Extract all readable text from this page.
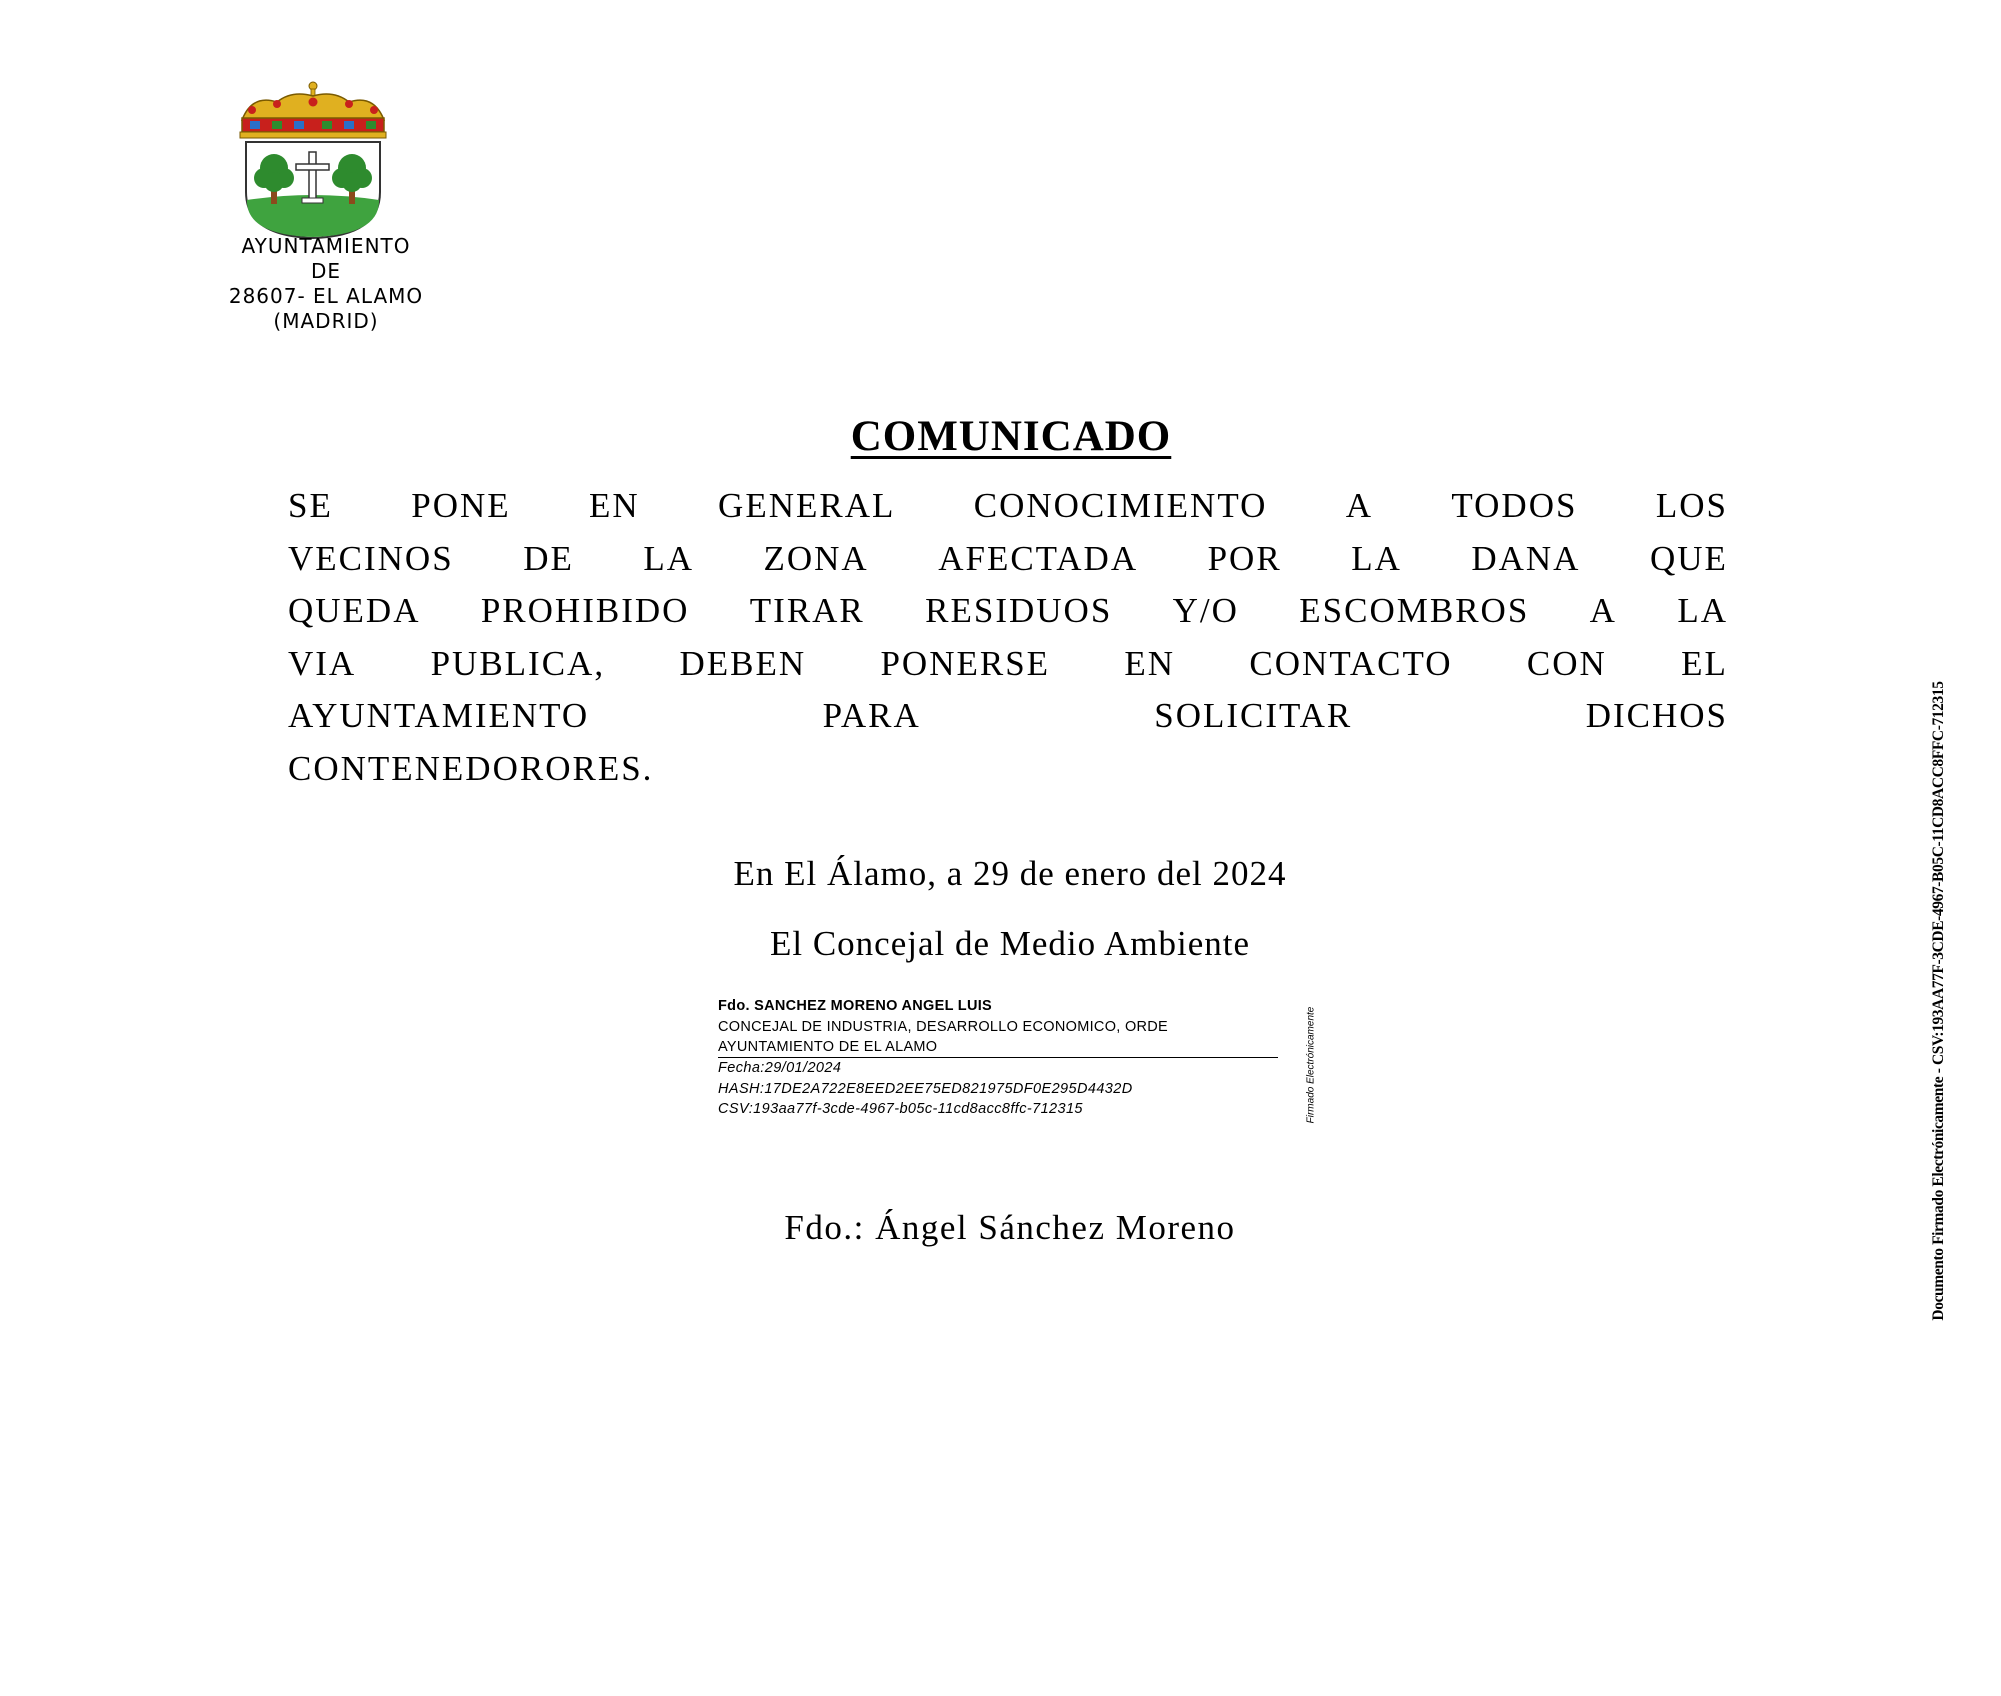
AYUNTAMIENTO
DE
28607- EL ALAMO
(MADRID)
COMUNICADO
SE PONE EN GENERAL CONOCIMIENTO A TODOS LOS
VECINOS DE LA ZONA AFECTADA POR LA DANA QUE
QUEDA PROHIBIDO TIRAR RESIDUOS Y/O ESCOMBROS A LA
VIA PUBLICA, DEBEN PONERSE EN CONTACTO CON EL
AYUNTAMIENTO	PARA	SOLICITAR	DICHOS
CONTENEDORORES.
En El Álamo, a 29 de enero del 2024
El Concejal de Medio Ambiente
Fdo. SANCHEZ MORENO ANGEL LUIS
CONCEJAL DE INDUSTRIA, DESARROLLO ECONOMICO, ORDE
AYUNTAMIENTO DE EL ALAMO
Fecha:29/01/2024
HASH:17DE2A722E8EED2EE75ED821975DF0E295D4432D
CSV:193aa77f-3cde-4967-b05c-11cd8acc8ffc-712315	Firmado Electrónicamente
Fdo.: Ángel Sánchez Moreno	Documento Firmado Electrónicamente - CSV:193AA77F-3CDE-4967-B05C-11CD8ACC8FFC-712315
